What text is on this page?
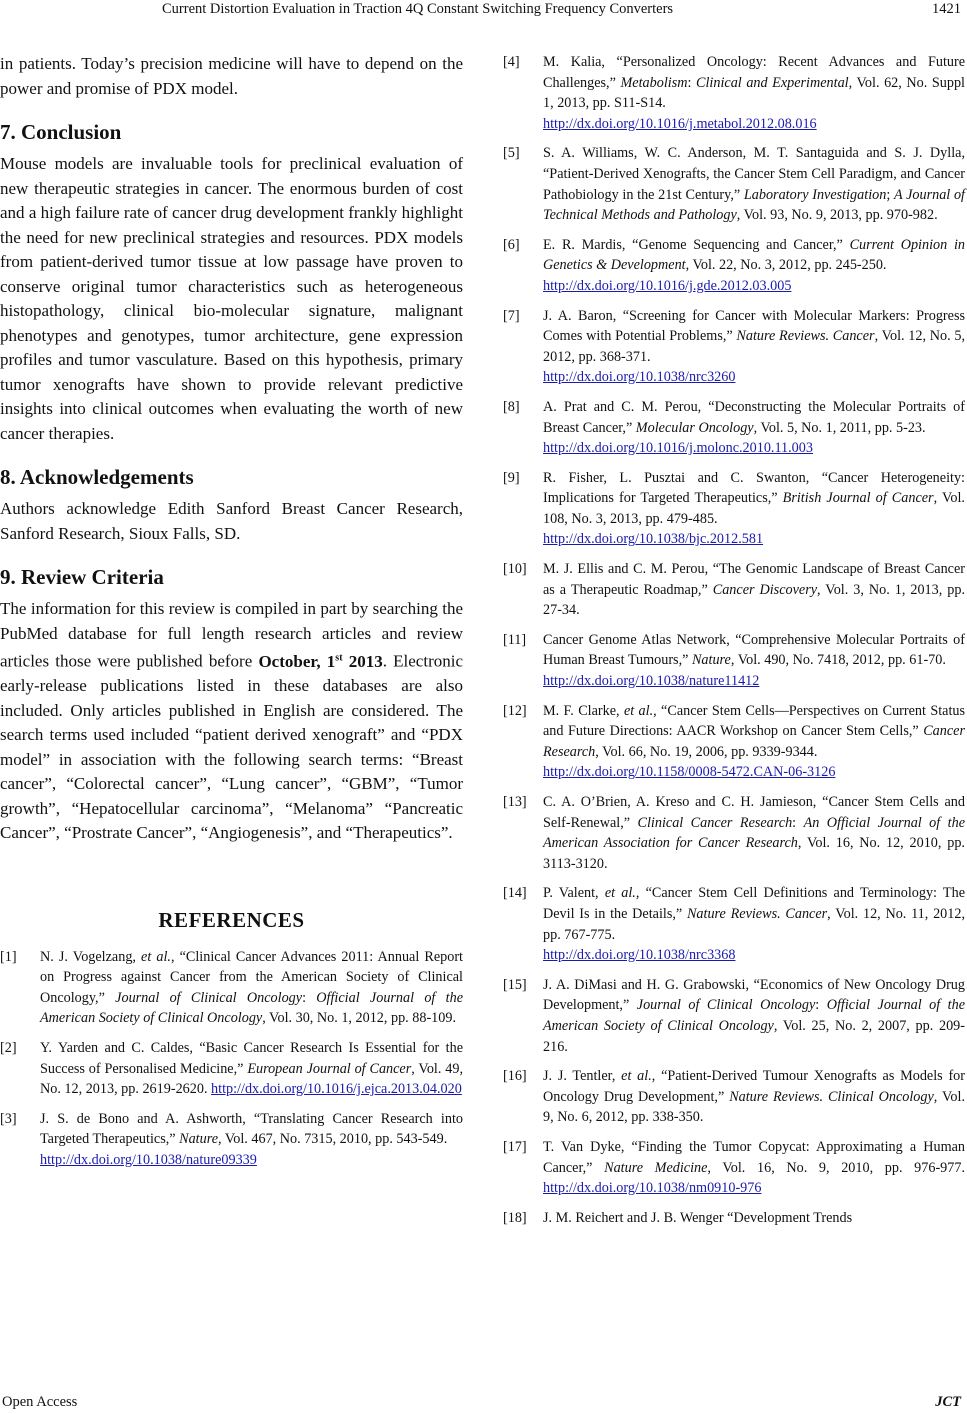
Current Distortion Evaluation in Traction 4Q Constant Switching Frequency Converters	1421

in patients. Today’s precision medicine will have to depend on the power and promise of PDX model.

7. Conclusion

Mouse models are invaluable tools for preclinical evaluation of new therapeutic strategies in cancer. The enormous burden of cost and a high failure rate of cancer drug development frankly highlight the need for new preclinical strategies and resources. PDX models from patient-derived tumor tissue at low passage have proven to conserve original tumor characteristics such as heterogeneous histopathology, clinical bio-molecular signature, malignant phenotypes and genotypes, tumor architecture, gene expression profiles and tumor vasculature. Based on this hypothesis, primary tumor xenografts have shown to provide relevant predictive insights into clinical outcomes when evaluating the worth of new cancer therapies.

8. Acknowledgements

Authors acknowledge Edith Sanford Breast Cancer Research, Sanford Research, Sioux Falls, SD.

9. Review Criteria

The information for this review is compiled in part by searching the PubMed database for full length research articles and review articles those were published before October, 1st 2013. Electronic early-release publications listed in these databases are also included. Only articles published in English are considered. The search terms used included “patient derived xenograft” and “PDX model” in association with the following search terms: “Breast cancer”, “Colorectal cancer”, “Lung cancer”, “GBM”, “Tumor growth”, “Hepatocellular carcinoma”, “Melanoma” “Pancreatic Cancer”, “Prostrate Cancer”, “Angiogenesis”, and “Therapeutics”.

REFERENCES
[1]	N. J. Vogelzang, et al., “Clinical Cancer Advances 2011: Annual Report on Progress against Cancer from the American Society of Clinical Oncology,” Journal of Clinical Oncology: Official Journal of the American Society of Clinical Oncology, Vol. 30, No. 1, 2012, pp. 88-109.
[2]	Y. Yarden and C. Caldes, “Basic Cancer Research Is Essential for the Success of Personalised Medicine,” European Journal of Cancer, Vol. 49, No. 12, 2013, pp. 2619-2620. http://dx.doi.org/10.1016/j.ejca.2013.04.020
[3]	J. S. de Bono and A. Ashworth, “Translating Cancer Research into Targeted Therapeutics,” Nature, Vol. 467, No. 7315, 2010, pp. 543-549.
http://dx.doi.org/10.1038/nature09339
[4]	M. Kalia, “Personalized Oncology: Recent Advances and Future Challenges,” Metabolism: Clinical and Experimental, Vol. 62, No. Suppl 1, 2013, pp. S11-S14.
http://dx.doi.org/10.1016/j.metabol.2012.08.016
[5]	S. A. Williams, W. C. Anderson, M. T. Santaguida and S. J. Dylla, “Patient-Derived Xenografts, the Cancer Stem Cell Paradigm, and Cancer Pathobiology in the 21st Century,” Laboratory Investigation; A Journal of Technical Methods and Pathology, Vol. 93, No. 9, 2013, pp. 970-982.
[6]	E. R. Mardis, “Genome Sequencing and Cancer,” Current Opinion in Genetics & Development, Vol. 22, No. 3, 2012, pp. 245-250.
http://dx.doi.org/10.1016/j.gde.2012.03.005
[7]	J. A. Baron, “Screening for Cancer with Molecular Markers: Progress Comes with Potential Problems,” Nature Reviews. Cancer, Vol. 12, No. 5, 2012, pp. 368-371.
http://dx.doi.org/10.1038/nrc3260
[8]	A. Prat and C. M. Perou, “Deconstructing the Molecular Portraits of Breast Cancer,” Molecular Oncology, Vol. 5, No. 1, 2011, pp. 5-23.
http://dx.doi.org/10.1016/j.molonc.2010.11.003
[9]	R. Fisher, L. Pusztai and C. Swanton, “Cancer Heterogeneity: Implications for Targeted Therapeutics,” British Journal of Cancer, Vol. 108, No. 3, 2013, pp. 479-485.
http://dx.doi.org/10.1038/bjc.2012.581
[10]	M. J. Ellis and C. M. Perou, “The Genomic Landscape of Breast Cancer as a Therapeutic Roadmap,” Cancer Discovery, Vol. 3, No. 1, 2013, pp. 27-34.
[11]	Cancer Genome Atlas Network, “Comprehensive Molecular Portraits of Human Breast Tumours,” Nature, Vol. 490, No. 7418, 2012, pp. 61-70.
http://dx.doi.org/10.1038/nature11412
[12]	M. F. Clarke, et al., “Cancer Stem Cells—Perspectives on Current Status and Future Directions: AACR Workshop on Cancer Stem Cells,” Cancer Research, Vol. 66, No. 19, 2006, pp. 9339-9344.
http://dx.doi.org/10.1158/0008-5472.CAN-06-3126
[13]	C. A. O’Brien, A. Kreso and C. H. Jamieson, “Cancer Stem Cells and Self-Renewal,” Clinical Cancer Research: An Official Journal of the American Association for Cancer Research, Vol. 16, No. 12, 2010, pp. 3113-3120.
[14]	P. Valent, et al., “Cancer Stem Cell Definitions and Terminology: The Devil Is in the Details,” Nature Reviews. Cancer, Vol. 12, No. 11, 2012, pp. 767-775.
http://dx.doi.org/10.1038/nrc3368
[15]	J. A. DiMasi and H. G. Grabowski, “Economics of New Oncology Drug Development,” Journal of Clinical Oncology: Official Journal of the American Society of Clinical Oncology, Vol. 25, No. 2, 2007, pp. 209-216.
[16]	J. J. Tentler, et al., “Patient-Derived Tumour Xenografts as Models for Oncology Drug Development,” Nature Reviews. Clinical Oncology, Vol. 9, No. 6, 2012, pp. 338-350.
[17]	T. Van Dyke, “Finding the Tumor Copycat: Approximating a Human Cancer,” Nature Medicine, Vol. 16, No. 9, 2010, pp. 976-977. http://dx.doi.org/10.1038/nm0910-976
[18]	J. M. Reichert and J. B. Wenger “Development Trends
Open Access	JCT
